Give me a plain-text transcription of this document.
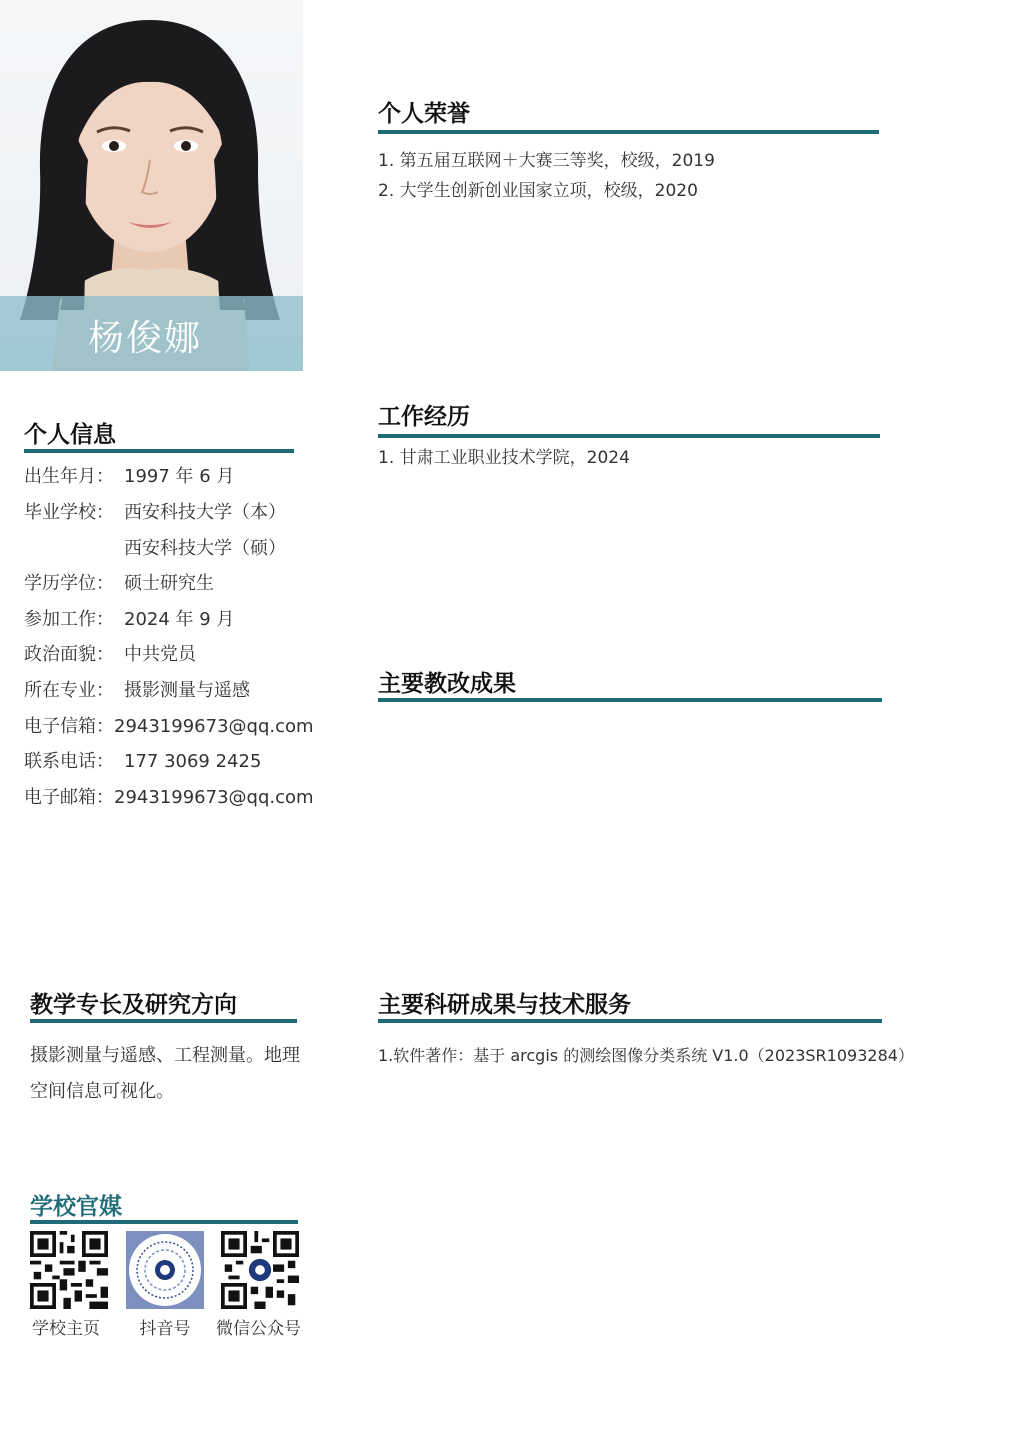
杨俊娜
个人信息
出生年月： 1997 年 6 月
毕业学校： 西安科技大学（本）
西安科技大学（硕）
学历学位： 硕士研究生
参加工作： 2024 年 9 月
政治面貌： 中共党员
所在专业： 摄影测量与遥感
电子信箱：2943199673@qq.com
联系电话： 177 3069 2425
电子邮箱：2943199673@qq.com
个人荣誉
1. 第五届互联网＋大赛三等奖，校级，2019
2. 大学生创新创业国家立项，校级，2020
工作经历
1. 甘肃工业职业技术学院，2024
主要教改成果
教学专长及研究方向
摄影测量与遥感、工程测量。地理空间信息可视化。
主要科研成果与技术服务
1.软件著作：基于 arcgis 的测绘图像分类系统 V1.0（2023SR1093284）
学校官媒
学校主页	抖音号	微信公众号
